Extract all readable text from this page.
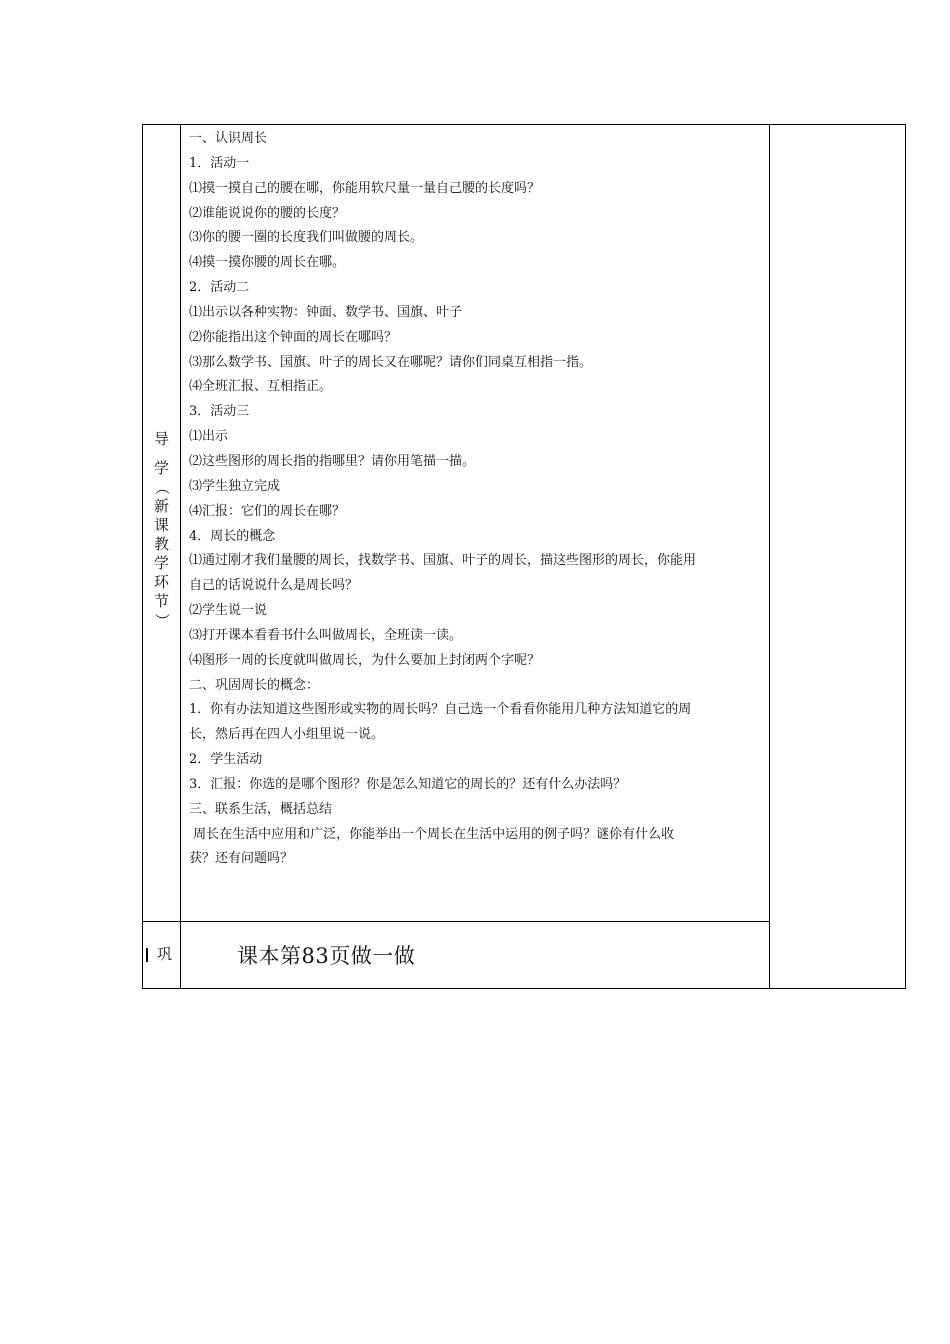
导
学
（
新
课
教
学
环
节
）
一、认识周长
1．活动一
⑴摸一摸自己的腰在哪，你能用软尺量一量自己腰的长度吗？
⑵谁能说说你的腰的长度？
⑶你的腰一圈的长度我们叫做腰的周长。
⑷摸一摸你腰的周长在哪。
2．活动二
⑴出示以各种实物：钟面、数学书、国旗、叶子
⑵你能指出这个钟面的周长在哪吗？
⑶那么数学书、国旗、叶子的周长又在哪呢？请你们同桌互相指一指。
⑷全班汇报、互相指正。
3．活动三
⑴出示
⑵这些图形的周长指的指哪里？请你用笔描一描。
⑶学生独立完成
⑷汇报：它们的周长在哪？
4．周长的概念
⑴通过刚才我们量腰的周长，找数学书、国旗、叶子的周长，描这些图形的周长，你能用
自己的话说说什么是周长吗？
⑵学生说一说
⑶打开课本看看书什么叫做周长，全班读一读。
⑷图形一周的长度就叫做周长，为什么要加上封闭两个字呢？
二、巩固周长的概念：
1．你有办法知道这些图形或实物的周长吗？自己选一个看看你能用几种方法知道它的周
长，然后再在四人小组里说一说。
2．学生活动
3．汇报：你选的是哪个图形？你是怎么知道它的周长的？还有什么办法吗？
三、联系生活，概括总结
周长在生活中应用和广泛，你能举出一个周长在生活中运用的例子吗？谜伱有什么收
获？还有问题吗？
巩	课本第83页做一做
